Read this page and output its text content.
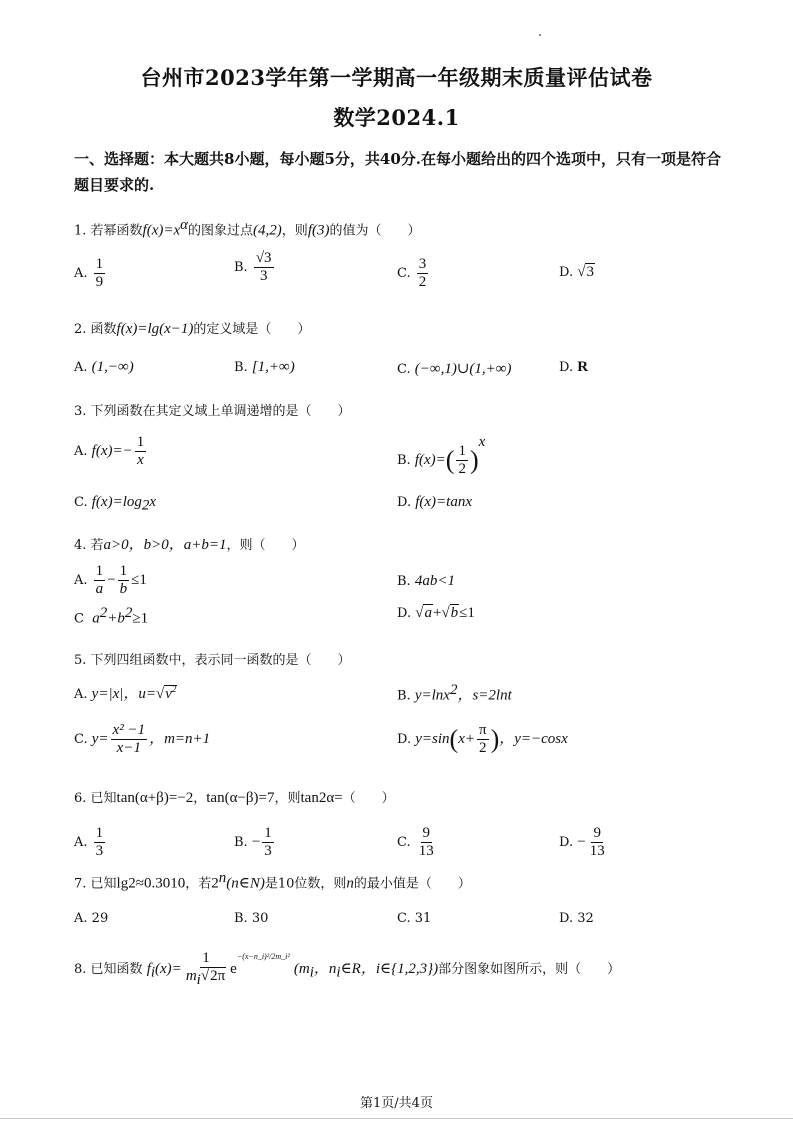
台州市2023学年第一学期高一年级期末质量评估试卷
数学2024.1
一、选择题：本大题共8小题，每小题5分，共40分.在每小题给出的四个选项中，只有一项是符合题目要求的.
1. 若幂函数$f(x)=x^\alpha$的图象过点(4,2)，则f(3)的值为（　　）
A. $\frac{1}{9}$	B. $\frac{√3}{3}$	C. $\frac{3}{2}$	D. √3
2. 函数f(x)=lg(x−1)的定义域是（　　）
A. (1,−∞)	B. [1,+∞)	C. (−∞,1)∪(1,+∞)	D. R
3. 下列函数在其定义域上单调递增的是（　　）
A. $f(x)=- \frac{1}{x}$	B. $f(x)=( \frac{1}{2} )^x$
C. $f(x)=\log_2x$	D. f(x)=tanx
4. 若a>0，b>0，a+b=1，则（　　）
A. $\frac{1}{a} - \frac{1}{b} \le 1$	B. 4ab<1
C $a^2+b^2\ge 1$	D. √a+√b≤1
5. 下列四组函数中，表示同一函数的是（　　）
A. y=|x|，$u=√v^2$	B. y=lnx$^2$，s=2lnt
C. $y= \frac{\text{x² −1}}{x-1}$ ，m=n+1	D. $y=\sin(x+ \frac{\pi}{2}$ )，y=−cosx
6. 已知tan(α+β)=−2，tan(α−β)=7，则tan2α=（　　）
A. $\frac{1}{3}$	B. − $\frac{1}{3}$	C. $\frac{9}{13}$	D. − $\frac{9}{13}$
7. 已知lg2≈0.3010，若2$^n$(n∈N)是10位数，则n的最小值是（　　）
A. 29	B. 30	C. 31	D. 32
8. 已知函数 $f_i(x)= \frac{1}{m_i√2\pi} e^{-(x-n\_i)^2/2m\_i^2}$ ($m_i$，$n_i\in R$，i∈{1,2,3})部分图象如图所示，则（　　）
第1页/共4页
